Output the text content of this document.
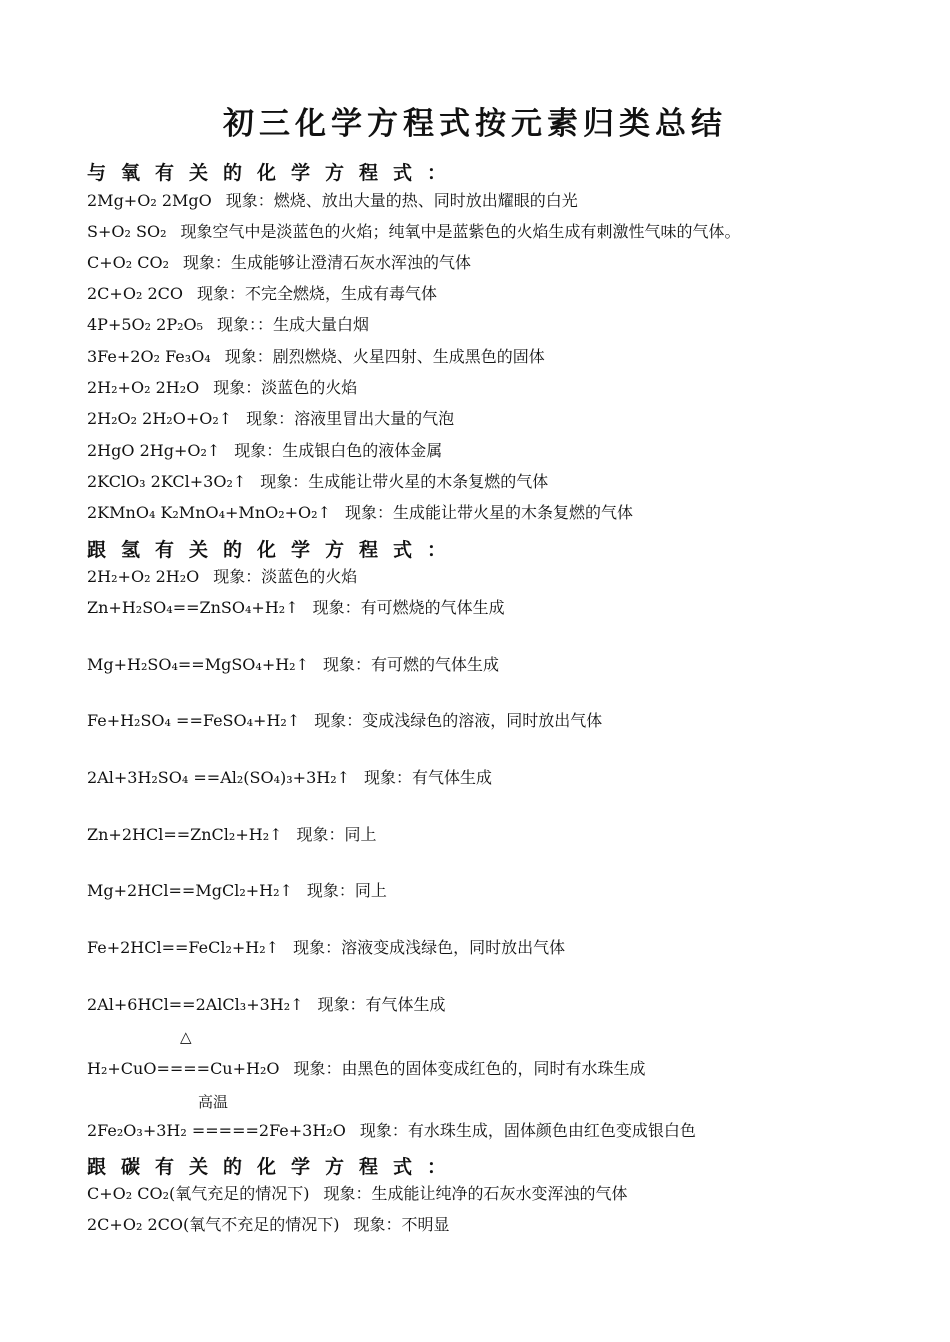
初三化学方程式按元素归类总结
与氧有关的化学方程式：
2Mg+O₂ 2MgO 现象：燃烧、放出大量的热、同时放出耀眼的白光
S+O₂ SO₂ 现象空气中是淡蓝色的火焰；纯氧中是蓝紫色的火焰生成有刺激性气味的气体。
C+O₂ CO₂ 现象：生成能够让澄清石灰水浑浊的气体
2C+O₂ 2CO 现象：不完全燃烧，生成有毒气体
4P+5O₂ 2P₂O₅ 现象：：生成大量白烟
3Fe+2O₂ Fe₃O₄ 现象：剧烈燃烧、火星四射、生成黑色的固体
2H₂+O₂ 2H₂O 现象：淡蓝色的火焰
2H₂O₂ 2H₂O+O₂↑ 现象：溶液里冒出大量的气泡
2HgO 2Hg+O₂↑ 现象：生成银白色的液体金属
2KClO₃ 2KCl+3O₂↑ 现象：生成能让带火星的木条复燃的气体
2KMnO₄ K₂MnO₄+MnO₂+O₂↑ 现象：生成能让带火星的木条复燃的气体
跟氢有关的化学方程式：
2H₂+O₂ 2H₂O 现象：淡蓝色的火焰
Zn+H₂SO₄==ZnSO₄+H₂↑ 现象：有可燃烧的气体生成
Mg+H₂SO₄==MgSO₄+H₂↑ 现象：有可燃的气体生成
Fe+H₂SO₄ ==FeSO₄+H₂↑ 现象：变成浅绿色的溶液，同时放出气体
2Al+3H₂SO₄ ==Al₂(SO₄)₃+3H₂↑ 现象：有气体生成
Zn+2HCl==ZnCl₂+H₂↑ 现象：同上
Mg+2HCl==MgCl₂+H₂↑ 现象：同上
Fe+2HCl==FeCl₂+H₂↑ 现象：溶液变成浅绿色，同时放出气体
2Al+6HCl==2AlCl₃+3H₂↑ 现象：有气体生成
△
H₂+CuO====Cu+H₂O 现象：由黑色的固体变成红色的，同时有水珠生成
高温
2Fe₂O₃+3H₂ =====2Fe+3H₂O 现象：有水珠生成，固体颜色由红色变成银白色
跟碳有关的化学方程式：
C+O₂ CO₂(氧气充足的情况下) 现象：生成能让纯净的石灰水变浑浊的气体
2C+O₂ 2CO(氧气不充足的情况下) 现象：不明显
